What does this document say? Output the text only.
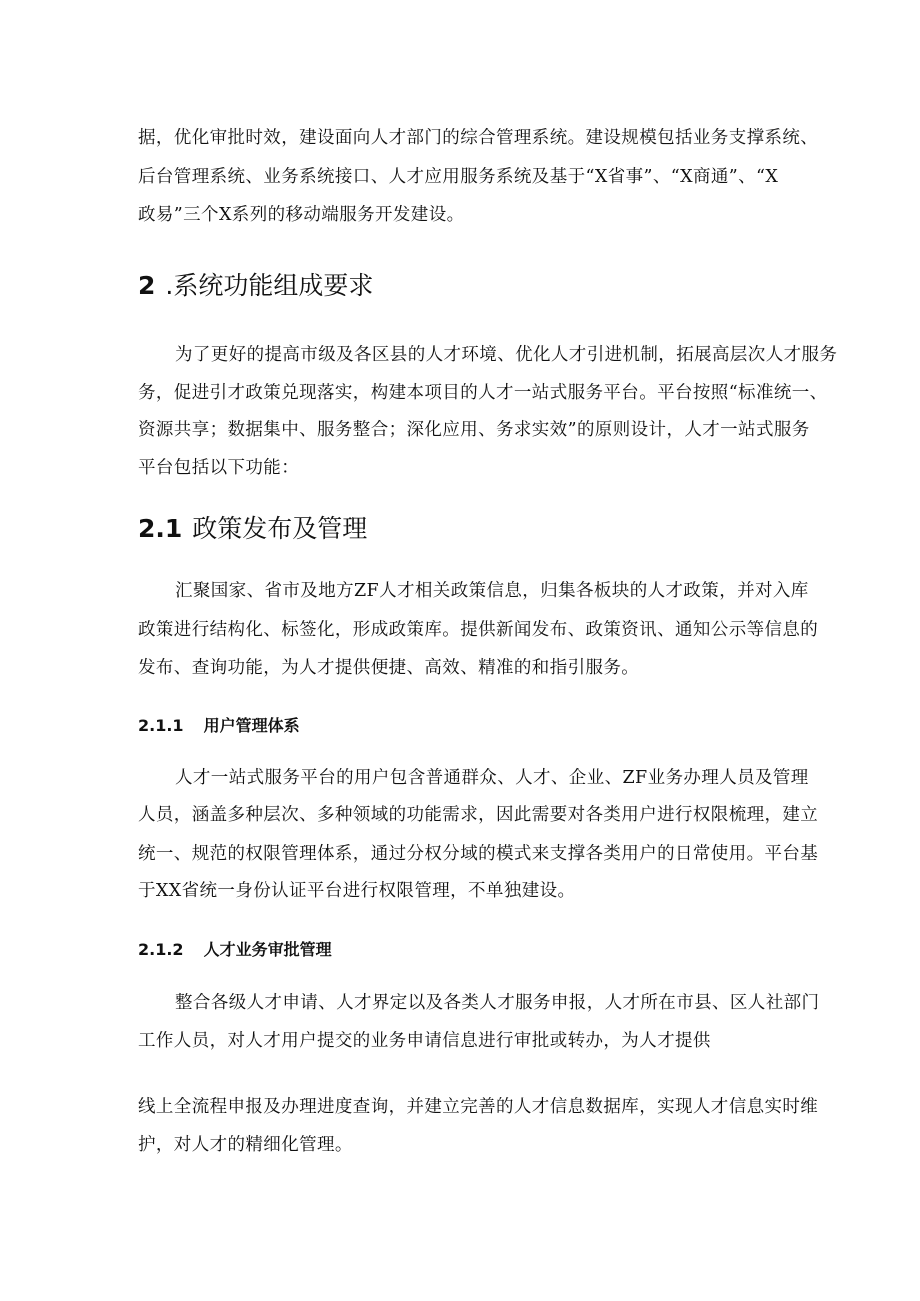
据，优化审批时效，建设面向人才部门的综合管理系统。建设规模包括业务支撑系统、
后台管理系统、业务系统接口、人才应用服务系统及基于“X省事”、“X商通”、“X
政易”三个X系列的移动端服务开发建设。
2 .系统功能组成要求
为了更好的提高市级及各区县的人才环境、优化人才引进机制，拓展高层次人才服务
务，促进引才政策兑现落实，构建本项目的人才一站式服务平台。平台按照“标准统一、
资源共享；数据集中、服务整合；深化应用、务求实效”的原则设计，人才一站式服务
平台包括以下功能：
2.1 政策发布及管理
汇聚国家、省市及地方ZF人才相关政策信息，归集各板块的人才政策，并对入库
政策进行结构化、标签化，形成政策库。提供新闻发布、政策资讯、通知公示等信息的
发布、查询功能，为人才提供便捷、高效、精准的和指引服务。
2.1.1 用户管理体系
人才一站式服务平台的用户包含普通群众、人才、企业、ZF业务办理人员及管理
人员，涵盖多种层次、多种领域的功能需求，因此需要对各类用户进行权限梳理，建立
统一、规范的权限管理体系，通过分权分域的模式来支撑各类用户的日常使用。平台基
于XX省统一身份认证平台进行权限管理，不单独建设。
2.1.2 人才业务审批管理
整合各级人才申请、人才界定以及各类人才服务申报，人才所在市县、区人社部门
工作人员，对人才用户提交的业务申请信息进行审批或转办，为人才提供
线上全流程申报及办理进度查询，并建立完善的人才信息数据库，实现人才信息实时维
护，对人才的精细化管理。
